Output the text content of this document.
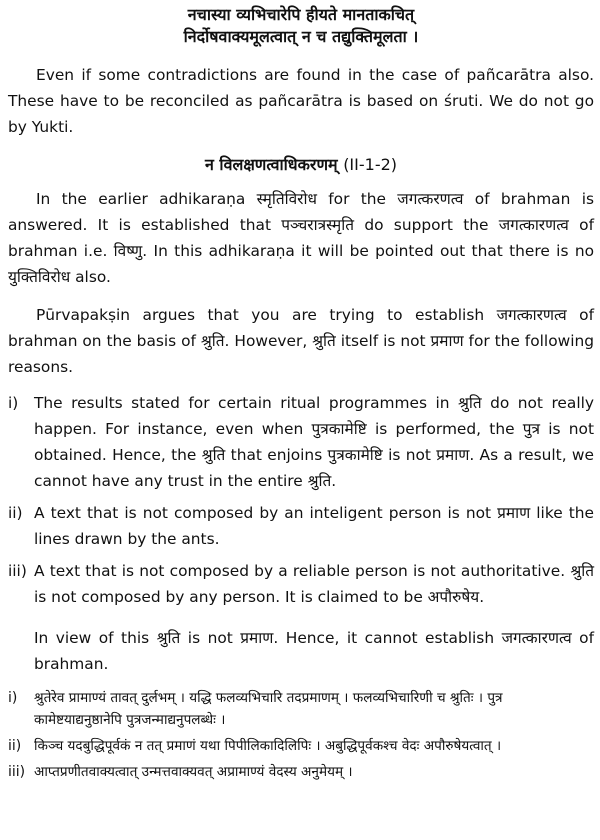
नचास्या व्यभिचारेपि हीयते मानताकचित्

निर्दोषवाक्यमूलत्वात् न च तद्युक्तिमूलता ।

Even if some contradictions are found in the case of pañcarātra also. These have to be reconciled as pañcarātra is based on śruti. We do not go by Yukti.

न विलक्षणत्वाधिकरणम् (II-1-2)

In the earlier adhikaraṇa स्मृतिविरोध for the जगत्करणत्व of brahman is answered. It is established that पञ्चरात्रस्मृति do support the जगत्कारणत्व of brahman i.e. विष्णु. In this adhikaraṇa it will be pointed out that there is no युक्तिविरोध also.

Pūrvapakṣin argues that you are trying to establish जगत्कारणत्व of brahman on the basis of श्रुति. However, श्रुति itself is not प्रमाण for the following reasons.

i)	The results stated for certain ritual programmes in श्रुति do not really happen. For instance, even when पुत्रकामेष्टि is performed, the पुत्र is not obtained. Hence, the श्रुति that enjoins पुत्रकामेष्टि is not प्रमाण. As a result, we cannot have any trust in the entire श्रुति.
ii) A text that is not composed by an inteligent person is not प्रमाण like the lines drawn by the ants.
iii) A text that is not composed by a reliable person is not authoritative. श्रुति is not composed by any person. It is claimed to be अपौरुषेय.

In view of this श्रुति is not प्रमाण. Hence, it cannot establish जगत्कारणत्व of brahman.

i)	श्रुतेरेव प्रामाण्यं तावत् दुर्लभम् । यद्धि फलव्यभिचारि तदप्रमाणम् । फलव्यभिचारिणी च श्रुतिः । पुत्र कामेष्टयाद्यनुष्ठानेपि पुत्रजन्माद्यनुपलब्धेः ।
ii) किञ्च यदबुद्धिपूर्वकं न तत् प्रमाणं यथा पिपीलिकादिलिपिः । अबुद्धिपूर्वकश्च वेदः अपौरुषेयत्वात् ।
iii) आप्तप्रणीतवाक्यत्वात् उन्मत्तवाक्यवत् अप्रामाण्यं वेदस्य अनुमेयम् ।
